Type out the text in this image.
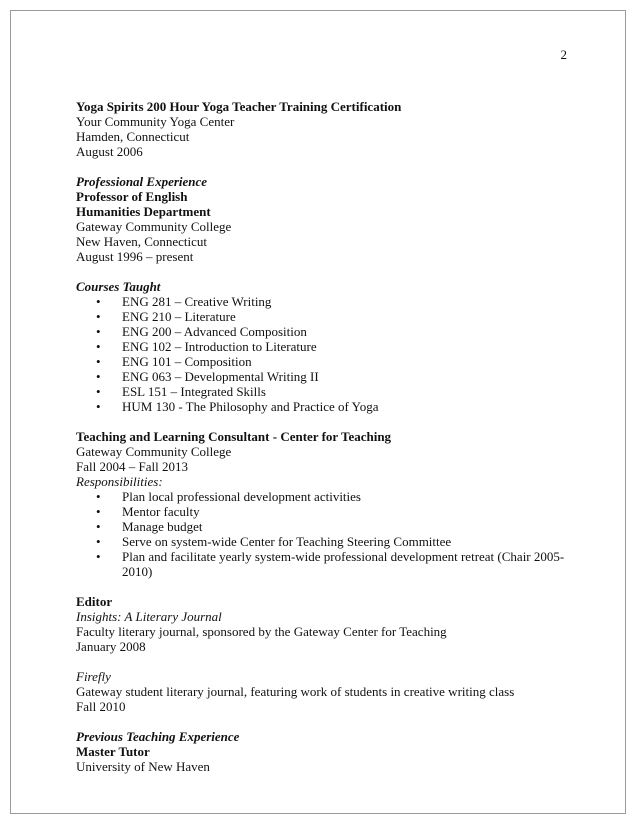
2
Yoga Spirits 200 Hour Yoga Teacher Training Certification
Your Community Yoga Center
Hamden, Connecticut
August 2006
Professional Experience
Professor of English
Humanities Department
Gateway Community College
New Haven, Connecticut
August 1996 – present
Courses Taught
• ENG 281 – Creative Writing
• ENG 210 – Literature
• ENG 200 – Advanced Composition
• ENG 102 – Introduction to Literature
• ENG 101 – Composition
• ENG 063 – Developmental Writing II
• ESL 151 – Integrated Skills
• HUM 130 - The Philosophy and Practice of Yoga
Teaching and Learning Consultant - Center for Teaching
Gateway Community College
Fall 2004 – Fall 2013
Responsibilities:
• Plan local professional development activities
• Mentor faculty
• Manage budget
• Serve on system-wide Center for Teaching Steering Committee
• Plan and facilitate yearly system-wide professional development retreat (Chair 2005-2010)
Editor
Insights: A Literary Journal
Faculty literary journal, sponsored by the Gateway Center for Teaching
January 2008
Firefly
Gateway student literary journal, featuring work of students in creative writing class
Fall 2010
Previous Teaching Experience
Master Tutor
University of New Haven
